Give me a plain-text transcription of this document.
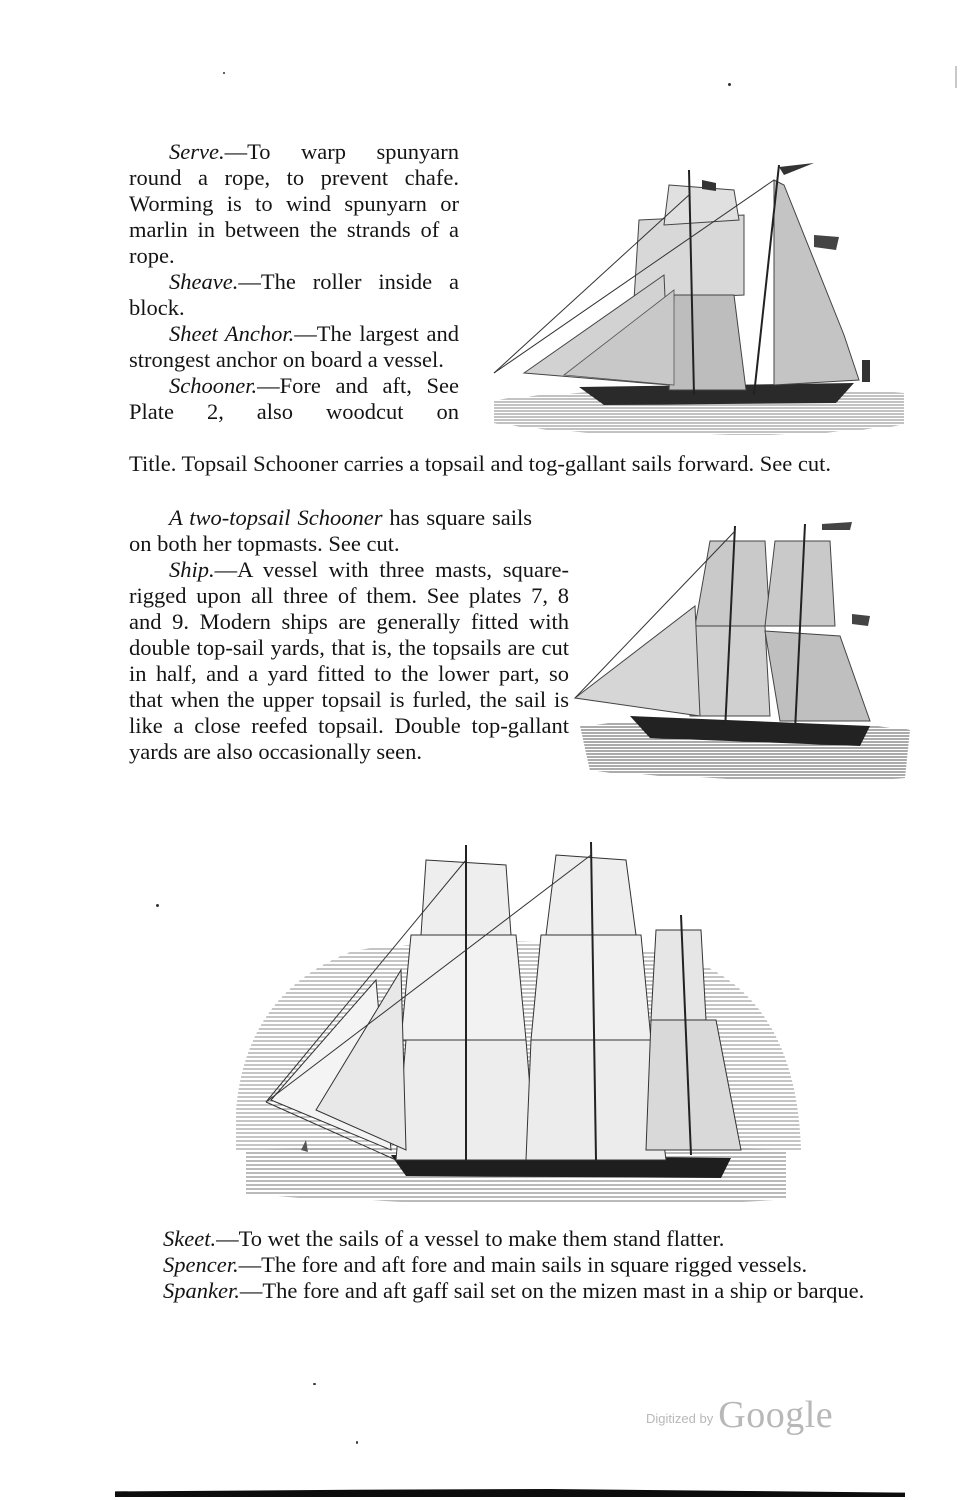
Serve.—To warp spunyarn round a rope, to prevent chafe. Worming is to wind spunyarn or marlin in between the strands of a rope.

Sheave.—The roller inside a block.

Sheet Anchor.—The largest and strongest anchor on board a vessel.

Schooner.—Fore and aft, See Plate 2, also woodcut on

Title. Topsail Schooner carries a topsail and tog-gallant sails forward. See cut.

A two-topsail Schooner has square sails on both her topmasts. See cut.

Ship.—A vessel with three masts, square-rigged upon all three of them. See plates 7, 8 and 9. Modern ships are generally fitted with double top-sail yards, that is, the topsails are cut in half, and a yard fitted to the lower part, so that when the upper topsail is furled, the sail is like a close reefed topsail. Double top-gallant yards are also occasionally seen.

Skeet.—To wet the sails of a vessel to make them stand flatter.

Spencer.—The fore and aft fore and main sails in square rigged vessels.

Spanker.—The fore and aft gaff sail set on the mizen mast in a ship or barque.

$^{Digitized by}$ Google
